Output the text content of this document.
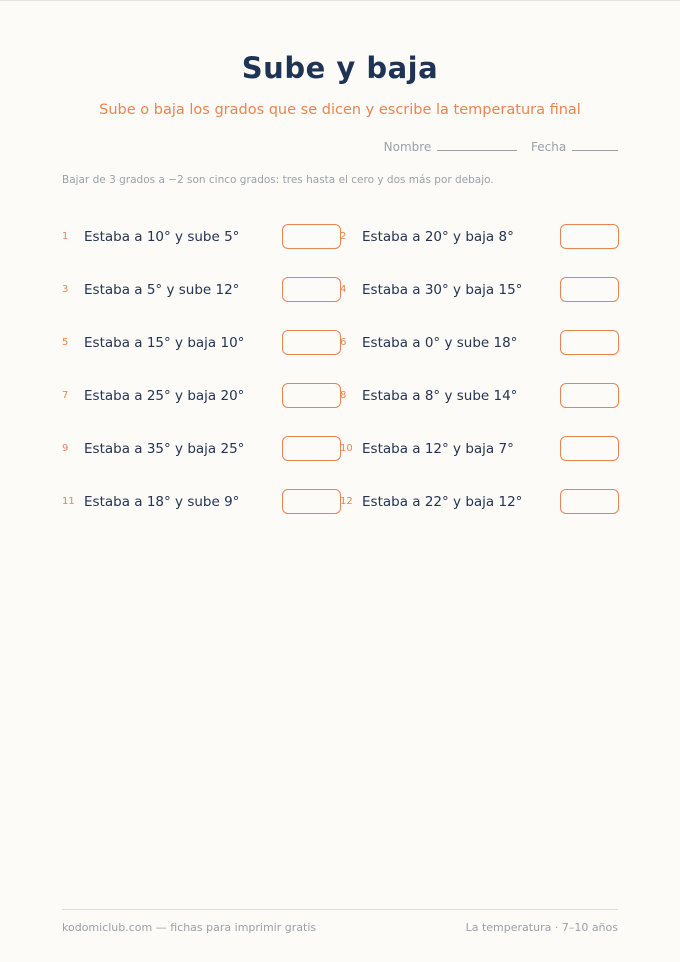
Sube y baja
Sube o baja los grados que se dicen y escribe la temperatura final
Nombre	Fecha
Bajar de 3 grados a −2 son cinco grados: tres hasta el cero y dos más por debajo.
1 Estaba a 10° y sube 5°	2 Estaba a 20° y baja 8°
3 Estaba a 5° y sube 12°	4 Estaba a 30° y baja 15°
5 Estaba a 15° y baja 10°	6 Estaba a 0° y sube 18°
7 Estaba a 25° y baja 20°	8 Estaba a 8° y sube 14°
9 Estaba a 35° y baja 25°	10 Estaba a 12° y baja 7°
11 Estaba a 18° y sube 9°	12 Estaba a 22° y baja 12°
kodomiclub.com — fichas para imprimir gratis	La temperatura · 7–10 años
